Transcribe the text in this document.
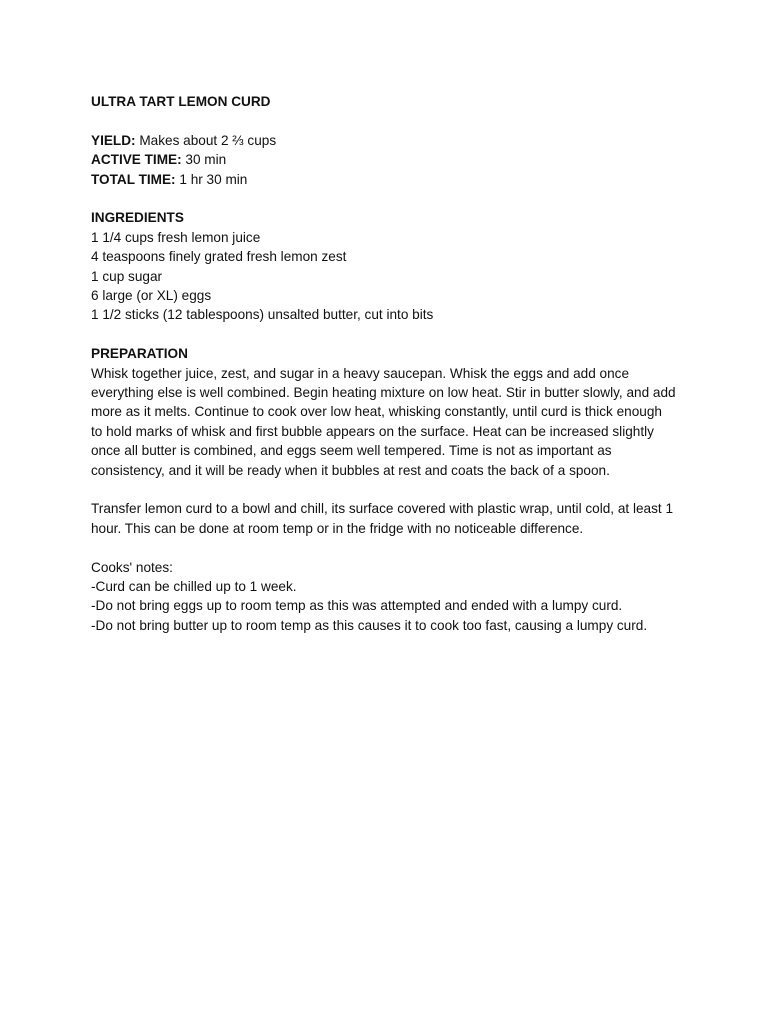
ULTRA TART LEMON CURD
YIELD: Makes about 2 ⅔ cups
ACTIVE TIME: 30 min
TOTAL TIME: 1 hr 30 min
INGREDIENTS
1 1/4 cups fresh lemon juice
4 teaspoons finely grated fresh lemon zest
1 cup sugar
6 large (or XL) eggs
1 1/2 sticks (12 tablespoons) unsalted butter, cut into bits
PREPARATION
Whisk together juice, zest, and sugar in a heavy saucepan. Whisk the eggs and add once everything else is well combined. Begin heating mixture on low heat. Stir in butter slowly, and add more as it melts. Continue to cook over low heat, whisking constantly, until curd is thick enough to hold marks of whisk and first bubble appears on the surface. Heat can be increased slightly once all butter is combined, and eggs seem well tempered. Time is not as important as consistency, and it will be ready when it bubbles at rest and coats the back of a spoon.
Transfer lemon curd to a bowl and chill, its surface covered with plastic wrap, until cold, at least 1 hour. This can be done at room temp or in the fridge with no noticeable difference.
Cooks' notes:
-Curd can be chilled up to 1 week.
-Do not bring eggs up to room temp as this was attempted and ended with a lumpy curd.
-Do not bring butter up to room temp as this causes it to cook too fast, causing a lumpy curd.
